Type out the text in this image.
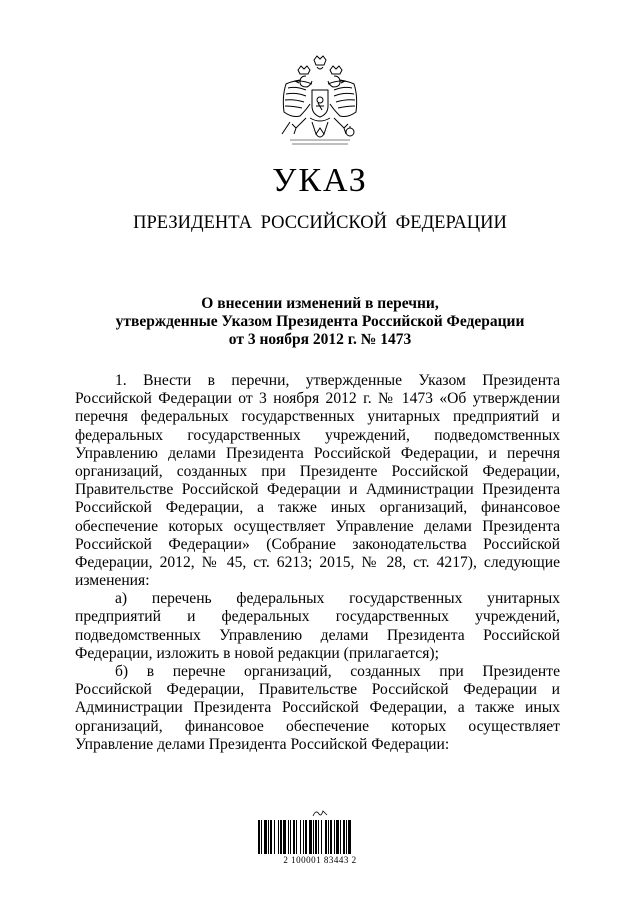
УКАЗ
ПРЕЗИДЕНТА РОССИЙСКОЙ ФЕДЕРАЦИИ
О внесении изменений в перечни,
утвержденные Указом Президента Российской Федерации
от 3 ноября 2012 г. № 1473
1. Внести в перечни, утвержденные Указом Президента
Российской Федерации от 3 ноября 2012 г. № 1473 «Об утверждении
перечня федеральных государственных унитарных предприятий и
федеральных государственных учреждений, подведомственных
Управлению делами Президента Российской Федерации, и перечня
организаций, созданных при Президенте Российской Федерации,
Правительстве Российской Федерации и Администрации Президента
Российской Федерации, а также иных организаций, финансовое
обеспечение которых осуществляет Управление делами Президента
Российской Федерации» (Собрание законодательства Российской
Федерации, 2012, № 45, ст. 6213; 2015, № 28, ст. 4217), следующие
изменения:
а) перечень федеральных государственных унитарных
предприятий и федеральных государственных учреждений,
подведомственных Управлению делами Президента Российской
Федерации, изложить в новой редакции (прилагается);
б) в перечне организаций, созданных при Президенте
Российской Федерации, Правительстве Российской Федерации и
Администрации Президента Российской Федерации, а также иных
организаций, финансовое обеспечение которых осуществляет
Управление делами Президента Российской Федерации:
2 100001 83443 2
